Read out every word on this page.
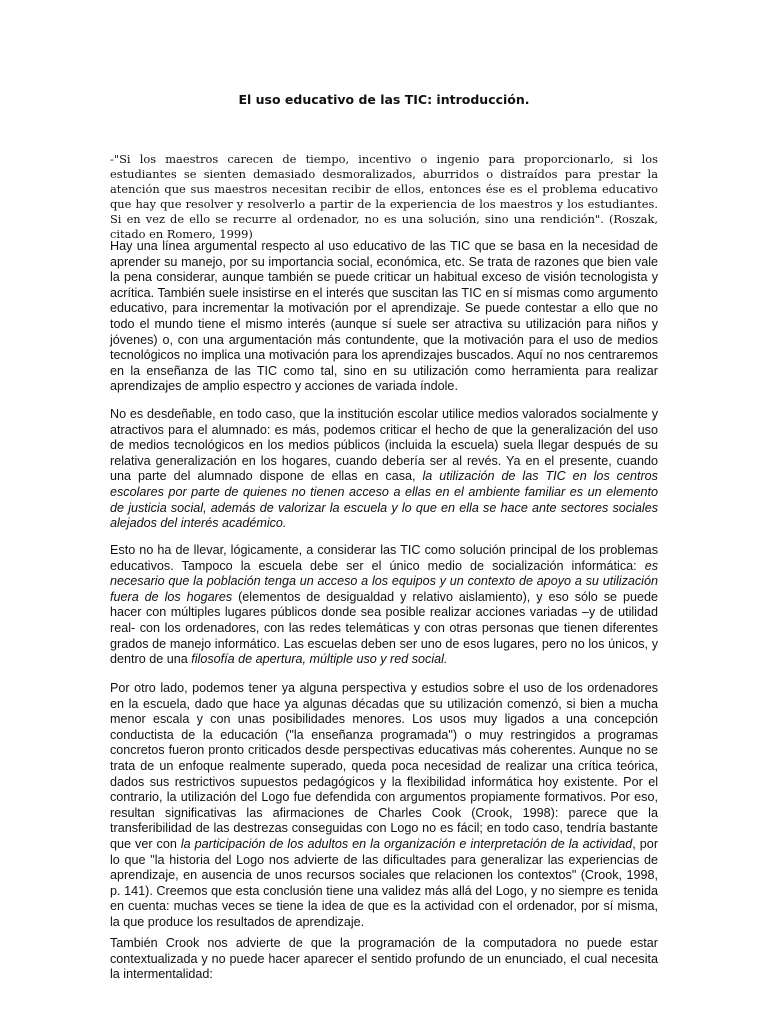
El uso educativo de las TIC: introducción.

-"Si los maestros carecen de tiempo, incentivo o ingenio para proporcionarlo, si los estudiantes se sienten demasiado desmoralizados, aburridos o distraídos para prestar la atención que sus maestros necesitan recibir de ellos, entonces ése es el problema educativo que hay que resolver y resolverlo a partir de la experiencia de los maestros y los estudiantes. Si en vez de ello se recurre al ordenador, no es una solución, sino una rendición". (Roszak, citado en Romero, 1999)

Hay una línea argumental respecto al uso educativo de las TIC que se basa en la necesidad de aprender su manejo, por su importancia social, económica, etc. Se trata de razones que bien vale la pena considerar, aunque también se puede criticar un habitual exceso de visión tecnologista y acrítica. También suele insistirse en el interés que suscitan las TIC en sí mismas como argumento educativo, para incrementar la motivación por el aprendizaje. Se puede contestar a ello que no todo el mundo tiene el mismo interés (aunque sí suele ser atractiva su utilización para niños y jóvenes) o, con una argumentación más contundente, que la motivación para el uso de medios tecnológicos no implica una motivación para los aprendizajes buscados. Aquí no nos centraremos en la enseñanza de las TIC como tal, sino en su utilización como herramienta para realizar aprendizajes de amplio espectro y acciones de variada índole.

No es desdeñable, en todo caso, que la institución escolar utilice medios valorados socialmente y atractivos para el alumnado: es más, podemos criticar el hecho de que la generalización del uso de medios tecnológicos en los medios públicos (incluida la escuela) suela llegar después de su relativa generalización en los hogares, cuando debería ser al revés. Ya en el presente, cuando una parte del alumnado dispone de ellas en casa, la utilización de las TIC en los centros escolares por parte de quienes no tienen acceso a ellas en el ambiente familiar es un elemento de justicia social, además de valorizar la escuela y lo que en ella se hace ante sectores sociales alejados del interés académico.

Esto no ha de llevar, lógicamente, a considerar las TIC como solución principal de los problemas educativos. Tampoco la escuela debe ser el único medio de socialización informática: es necesario que la población tenga un acceso a los equipos y un contexto de apoyo a su utilización fuera de los hogares (elementos de desigualdad y relativo aislamiento), y eso sólo se puede hacer con múltiples lugares públicos donde sea posible realizar acciones variadas –y de utilidad real- con los ordenadores, con las redes telemáticas y con otras personas que tienen diferentes grados de manejo informático. Las escuelas deben ser uno de esos lugares, pero no los únicos, y dentro de una filosofía de apertura, múltiple uso y red social.

Por otro lado, podemos tener ya alguna perspectiva y estudios sobre el uso de los ordenadores en la escuela, dado que hace ya algunas décadas que su utilización comenzó, si bien a mucha menor escala y con unas posibilidades menores. Los usos muy ligados a una concepción conductista de la educación ("la enseñanza programada") o muy restringidos a programas concretos fueron pronto criticados desde perspectivas educativas más coherentes. Aunque no se trata de un enfoque realmente superado, queda poca necesidad de realizar una crítica teórica, dados sus restrictivos supuestos pedagógicos y la flexibilidad informática hoy existente. Por el contrario, la utilización del Logo fue defendida con argumentos propiamente formativos. Por eso, resultan significativas las afirmaciones de Charles Cook (Crook, 1998): parece que la transferibilidad de las destrezas conseguidas con Logo no es fácil; en todo caso, tendría bastante que ver con la participación de los adultos en la organización e interpretación de la actividad, por lo que "la historia del Logo nos advierte de las dificultades para generalizar las experiencias de aprendizaje, en ausencia de unos recursos sociales que relacionen los contextos" (Crook, 1998, p. 141). Creemos que esta conclusión tiene una validez más allá del Logo, y no siempre es tenida en cuenta: muchas veces se tiene la idea de que es la actividad con el ordenador, por sí misma, la que produce los resultados de aprendizaje.

También Crook nos advierte de que la programación de la computadora no puede estar contextualizada y no puede hacer aparecer el sentido profundo de un enunciado, el cual necesita la intermentalidad:
